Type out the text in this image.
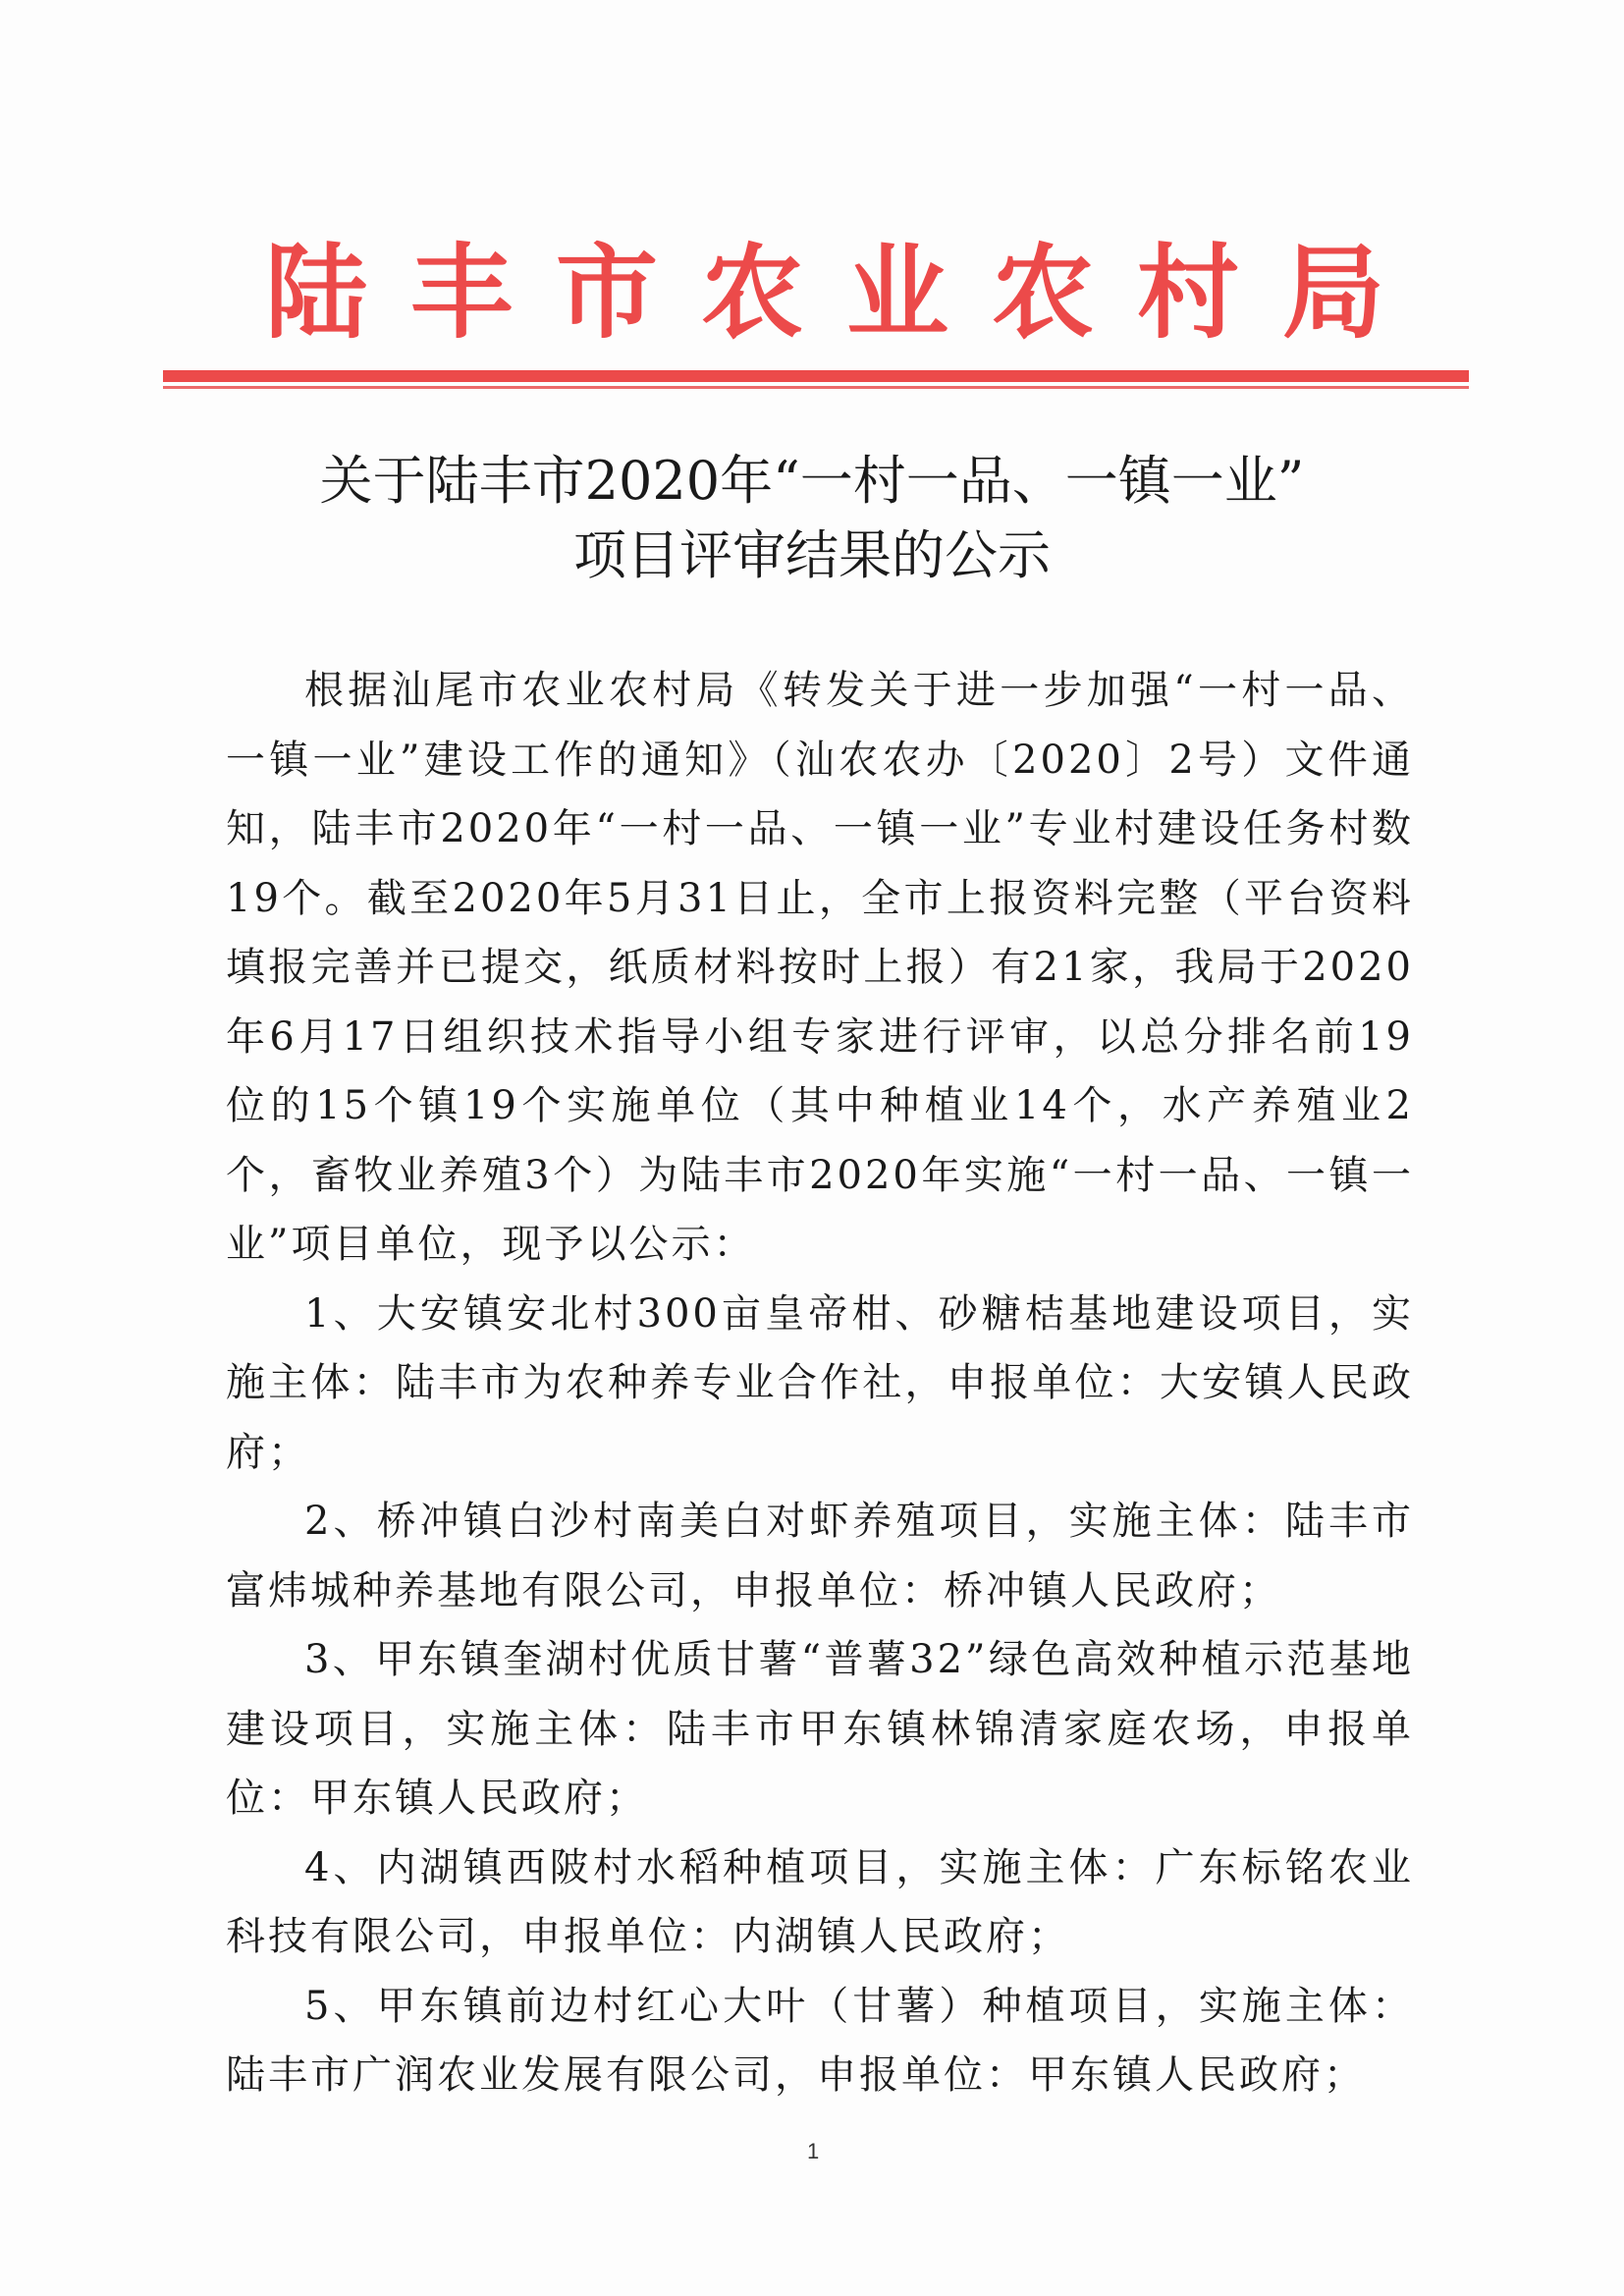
陆丰市农业农村局
关于陆丰市2020年“一村一品、一镇一业”
项目评审结果的公示

根据汕尾市农业农村局《转发关于进一步加强“一村一品、一镇一业”建设工作的通知》（汕农农办〔2020〕2号）文件通知，陆丰市2020年“一村一品、一镇一业”专业村建设任务村数19个。截至2020年5月31日止，全市上报资料完整（平台资料填报完善并已提交，纸质材料按时上报）有21家，我局于2020年6月17日组织技术指导小组专家进行评审，以总分排名前19位的15个镇19个实施单位（其中种植业14个，水产养殖业2个，畜牧业养殖3个）为陆丰市2020年实施“一村一品、一镇一业”项目单位，现予以公示：

1、大安镇安北村300亩皇帝柑、砂糖桔基地建设项目，实施主体：陆丰市为农种养专业合作社，申报单位：大安镇人民政府；

2、桥冲镇白沙村南美白对虾养殖项目，实施主体：陆丰市富炜城种养基地有限公司，申报单位：桥冲镇人民政府；

3、甲东镇奎湖村优质甘薯“普薯32”绿色高效种植示范基地建设项目，实施主体：陆丰市甲东镇林锦清家庭农场，申报单位：甲东镇人民政府；

4、内湖镇西陂村水稻种植项目，实施主体：广东标铭农业科技有限公司，申报单位：内湖镇人民政府；

5、甲东镇前边村红心大叶（甘薯）种植项目，实施主体：陆丰市广润农业发展有限公司，申报单位：甲东镇人民政府；

1
